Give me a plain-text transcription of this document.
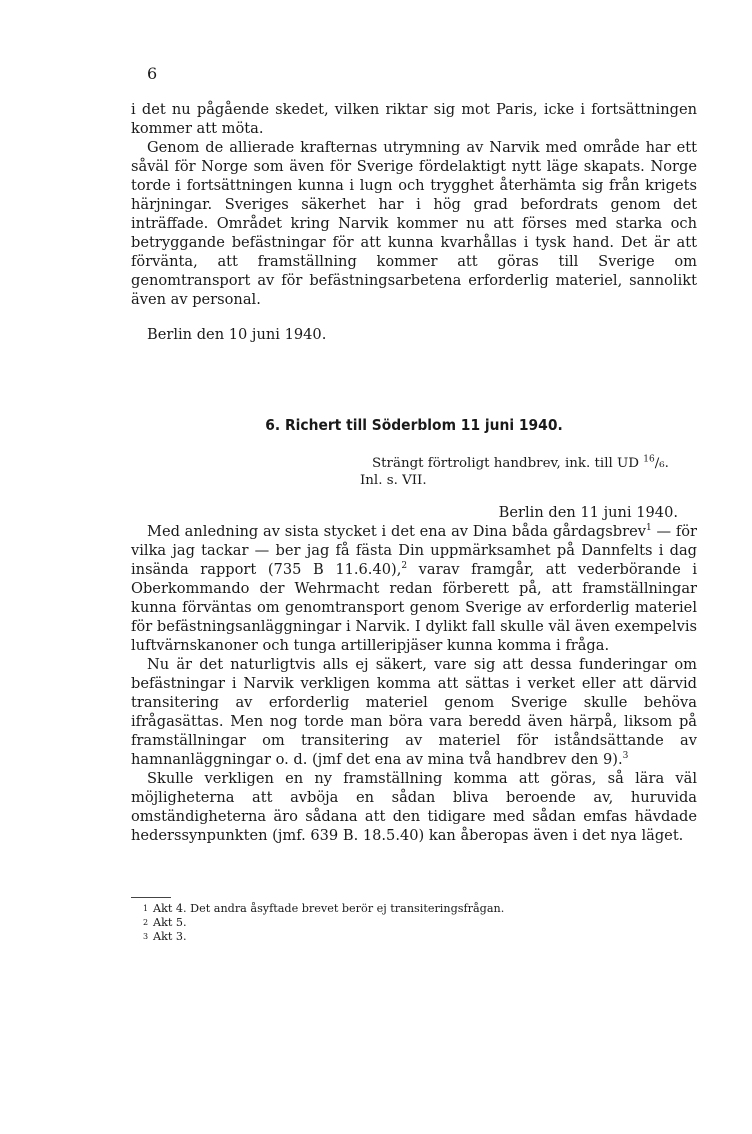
6

i det nu pågående skedet, vilken riktar sig mot Paris, icke i fortsättningen kommer att möta.

Genom de allierade krafternas utrymning av Narvik med område har ett såväl för Norge som även för Sverige fördelaktigt nytt läge skapats. Norge torde i fortsättningen kunna i lugn och trygghet återhämta sig från krigets härjningar. Sveriges säkerhet har i hög grad befordrats genom det inträffade. Området kring Narvik kommer nu att förses med starka och betryggande befästningar för att kunna kvarhållas i tysk hand. Det är att förvänta, att framställning kommer att göras till Sverige om genomtransport av för befästningsarbetena erforderlig materiel, sannolikt även av personal.

Berlin den 10 juni 1940.
6. Richert till Söderblom 11 juni 1940.
Strängt förtroligt handbrev, ink. till UD $^{16}$/₆.
Inl. s. VII.
Berlin den 11 juni 1940.

Med anledning av sista stycket i det ena av Dina båda gårdagsbrev$^1$ — för vilka jag tackar — ber jag få fästa Din uppmärksamhet på Dannfelts i dag insända rapport (735 B 11.6.40),$^2$ varav framgår, att vederbörande i Oberkommando der Wehrmacht redan förberett på, att framställningar kunna förväntas om genomtransport genom Sverige av erforderlig materiel för befästningsanläggningar i Narvik. I dylikt fall skulle väl även exempelvis luftvärnskanoner och tunga artilleripjäser kunna komma i fråga.

Nu är det naturligtvis alls ej säkert, vare sig att dessa funderingar om befästningar i Narvik verkligen komma att sättas i verket eller att därvid transitering av erforderlig materiel genom Sverige skulle behöva ifrågasättas. Men nog torde man böra vara beredd även härpå, liksom på framställningar om transitering av materiel för iståndsättande av hamnanläggningar o. d. (jmf det ena av mina två handbrev den 9).$^3$

Skulle verkligen en ny framställning komma att göras, så lära väl möjligheterna att avböja en sådan bliva beroende av, huruvida omständigheterna äro sådana att den tidigare med sådan emfas hävdade hederssynpunkten (jmf. 639 B. 18.5.40) kan åberopas även i det nya läget.

1 Akt 4. Det andra åsyftade brevet berör ej transiteringsfrågan.
2 Akt 5.
3 Akt 3.
